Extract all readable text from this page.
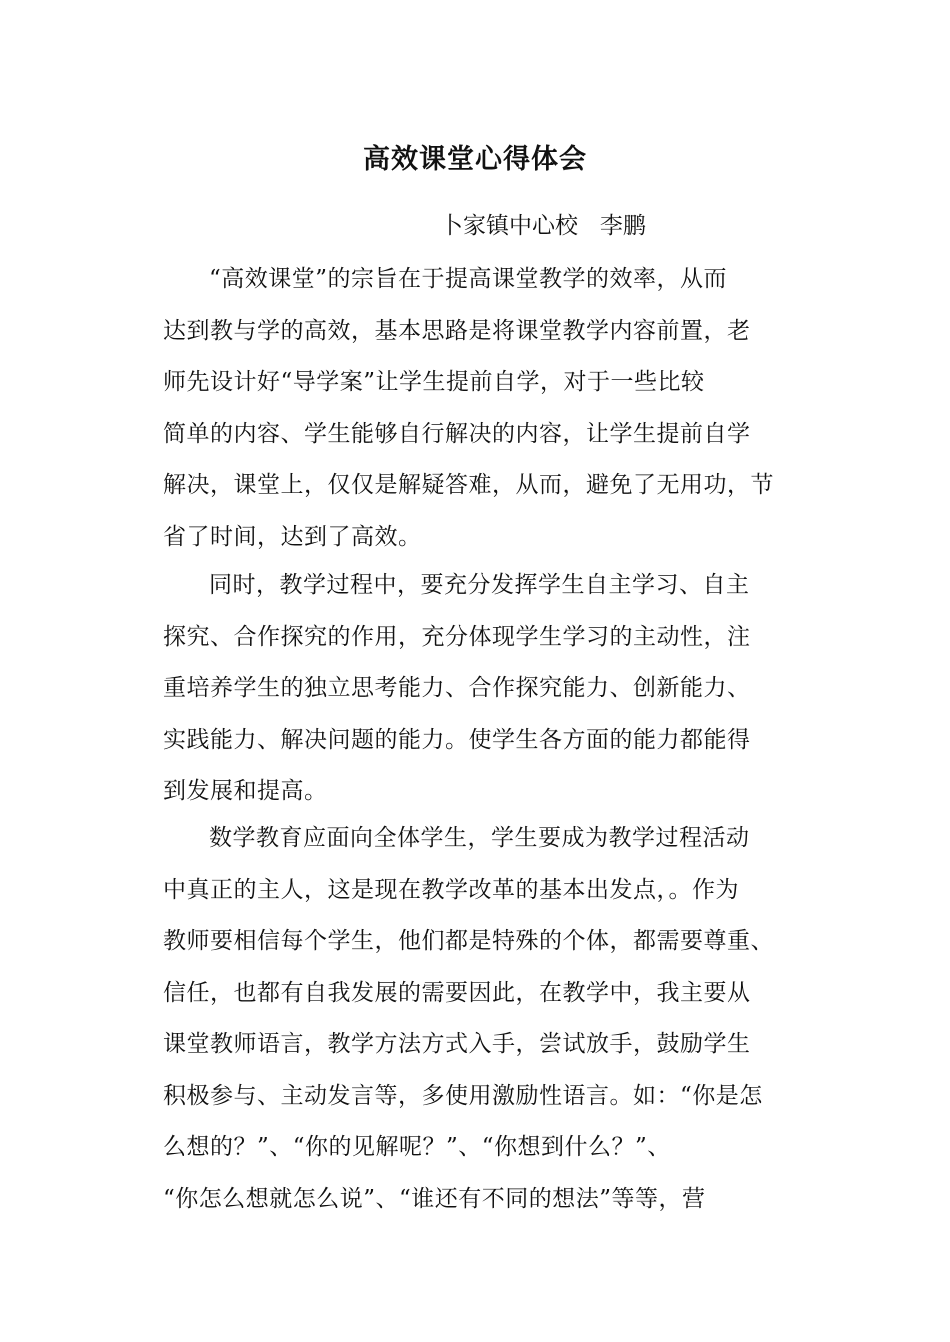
高效课堂心得体会
卜家镇中心校   李鹏
“高效课堂”的宗旨在于提高课堂教学的效率，从而
达到教与学的高效，基本思路是将课堂教学内容前置，老
师先设计好“导学案”让学生提前自学，对于一些比较
简单的内容、学生能够自行解决的内容，让学生提前自学
解决，课堂上，仅仅是解疑答难，从而，避免了无用功，节
省了时间，达到了高效。
同时，教学过程中，要充分发挥学生自主学习、自主
探究、合作探究的作用，充分体现学生学习的主动性，注
重培养学生的独立思考能力、合作探究能力、创新能力、
实践能力、解决问题的能力。使学生各方面的能力都能得
到发展和提高。
数学教育应面向全体学生，学生要成为教学过程活动
中真正的主人，这是现在教学改革的基本出发点，。作为
教师要相信每个学生，他们都是特殊的个体，都需要尊重、
信任，也都有自我发展的需要因此，在教学中，我主要从
课堂教师语言，教学方法方式入手，尝试放手，鼓励学生
积极参与、主动发言等，多使用激励性语言。如：“你是怎
么想的？”、“你的见解呢？”、“你想到什么？”、
“你怎么想就怎么说”、“谁还有不同的想法”等等，营
